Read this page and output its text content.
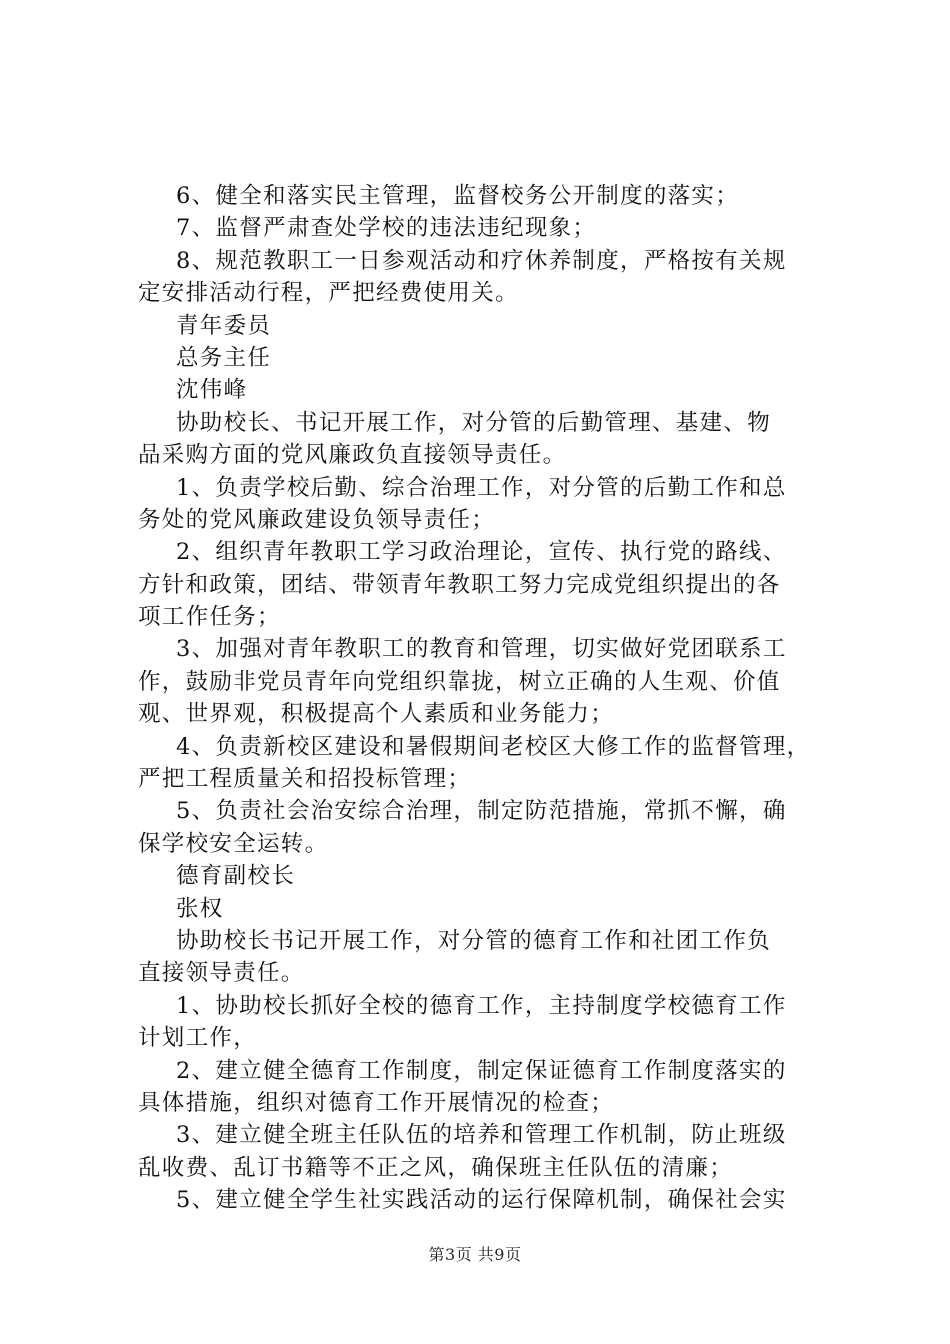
6、健全和落实民主管理，监督校务公开制度的落实；
7、监督严肃查处学校的违法违纪现象；
8、规范教职工一日参观活动和疗休养制度，严格按有关规
定安排活动行程，严把经费使用关。
青年委员
总务主任
沈伟峰
协助校长、书记开展工作，对分管的后勤管理、基建、物
品采购方面的党风廉政负直接领导责任。
1、负责学校后勤、综合治理工作，对分管的后勤工作和总
务处的党风廉政建设负领导责任；
2、组织青年教职工学习政治理论，宣传、执行党的路线、
方针和政策，团结、带领青年教职工努力完成党组织提出的各
项工作任务；
3、加强对青年教职工的教育和管理，切实做好党团联系工
作，鼓励非党员青年向党组织靠拢，树立正确的人生观、价值
观、世界观，积极提高个人素质和业务能力；
4、负责新校区建设和暑假期间老校区大修工作的监督管理，
严把工程质量关和招投标管理；
5、负责社会治安综合治理，制定防范措施，常抓不懈，确
保学校安全运转。
德育副校长
张权
协助校长书记开展工作，对分管的德育工作和社团工作负
直接领导责任。
1、协助校长抓好全校的德育工作，主持制度学校德育工作
计划工作，
2、建立健全德育工作制度，制定保证德育工作制度落实的
具体措施，组织对德育工作开展情况的检查；
3、建立健全班主任队伍的培养和管理工作机制，防止班级
乱收费、乱订书籍等不正之风，确保班主任队伍的清廉；
5、建立健全学生社实践活动的运行保障机制，确保社会实
第3页 共9页
